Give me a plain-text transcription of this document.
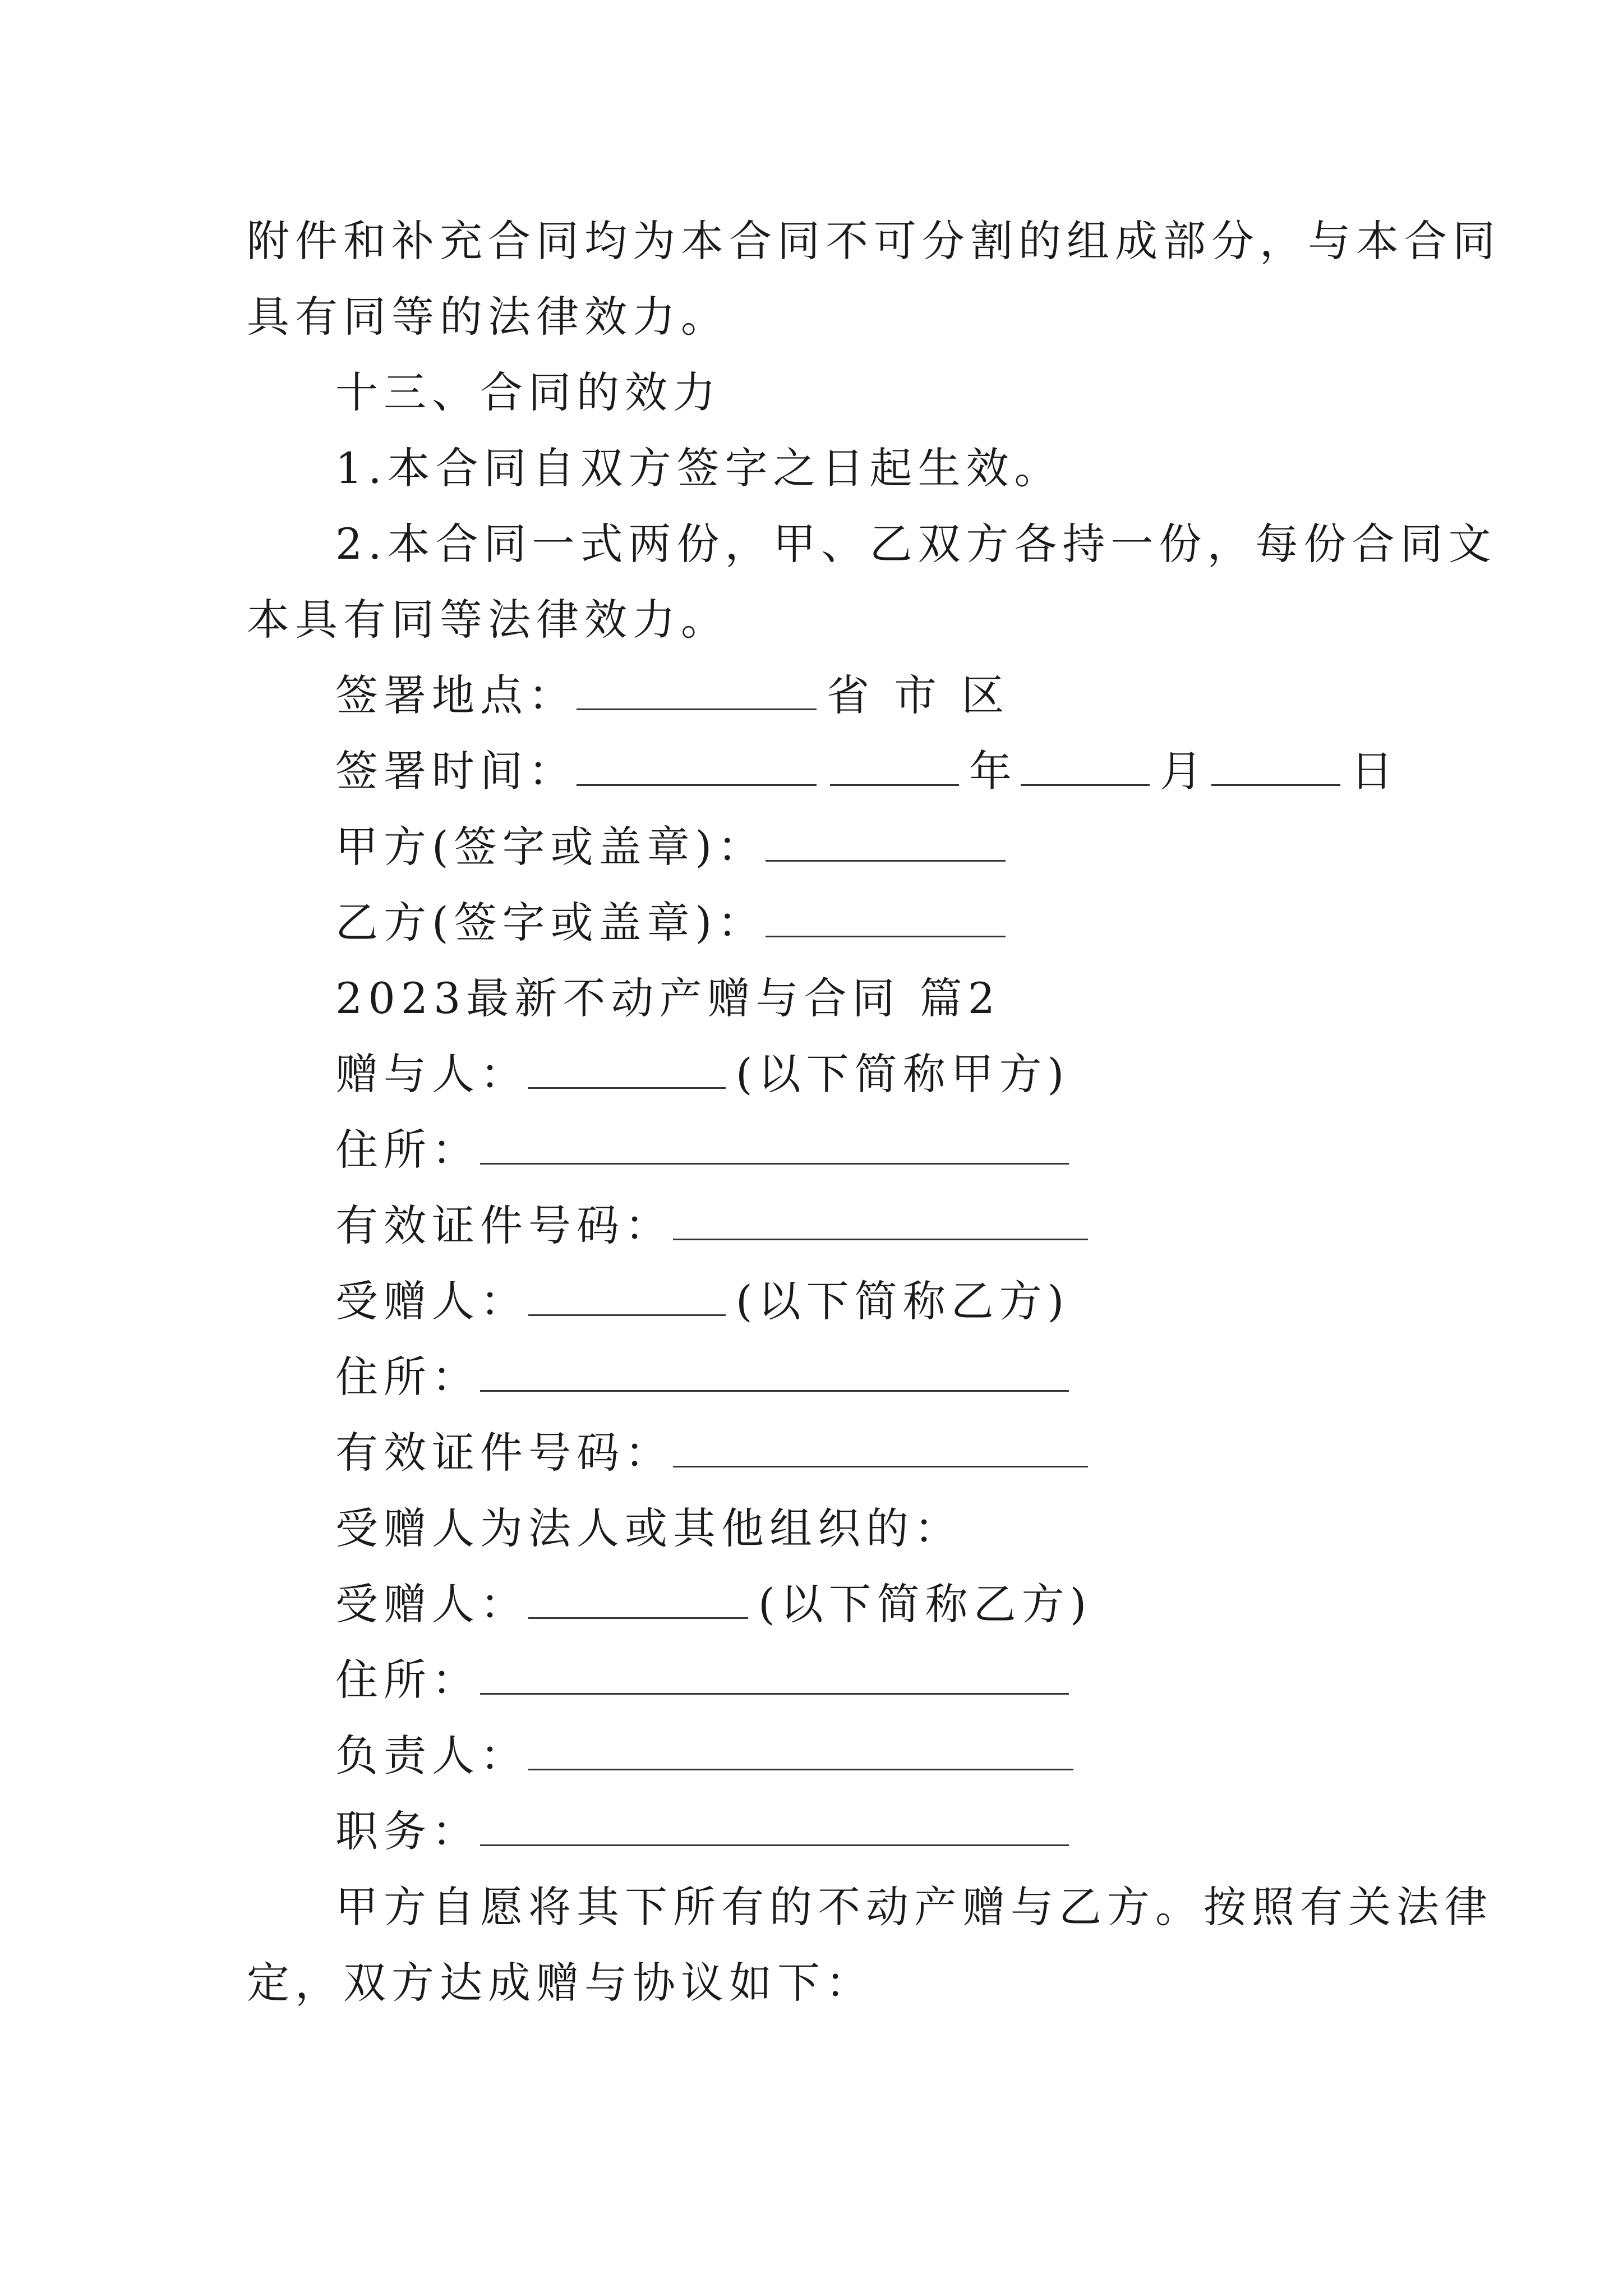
附件和补充合同均为本合同不可分割的组成部分，与本合同
具有同等的法律效力。
十三、合同的效力
1.本合同自双方签字之日起生效。
2.本合同一式两份，甲、乙双方各持一份，每份合同文
本具有同等法律效力。
签署地点：	省 市 区
签署时间：	年	月	日
甲方(签字或盖章)：
乙方(签字或盖章)：
2023最新不动产赠与合同 篇2
赠与人：	(以下简称甲方)
住所：
有效证件号码：
受赠人：	(以下简称乙方)
住所：
有效证件号码：
受赠人为法人或其他组织的：
受赠人：	(以下简称乙方)
住所：
负责人：
职务：
甲方自愿将其下所有的不动产赠与乙方。按照有关法律
定，双方达成赠与协议如下：
